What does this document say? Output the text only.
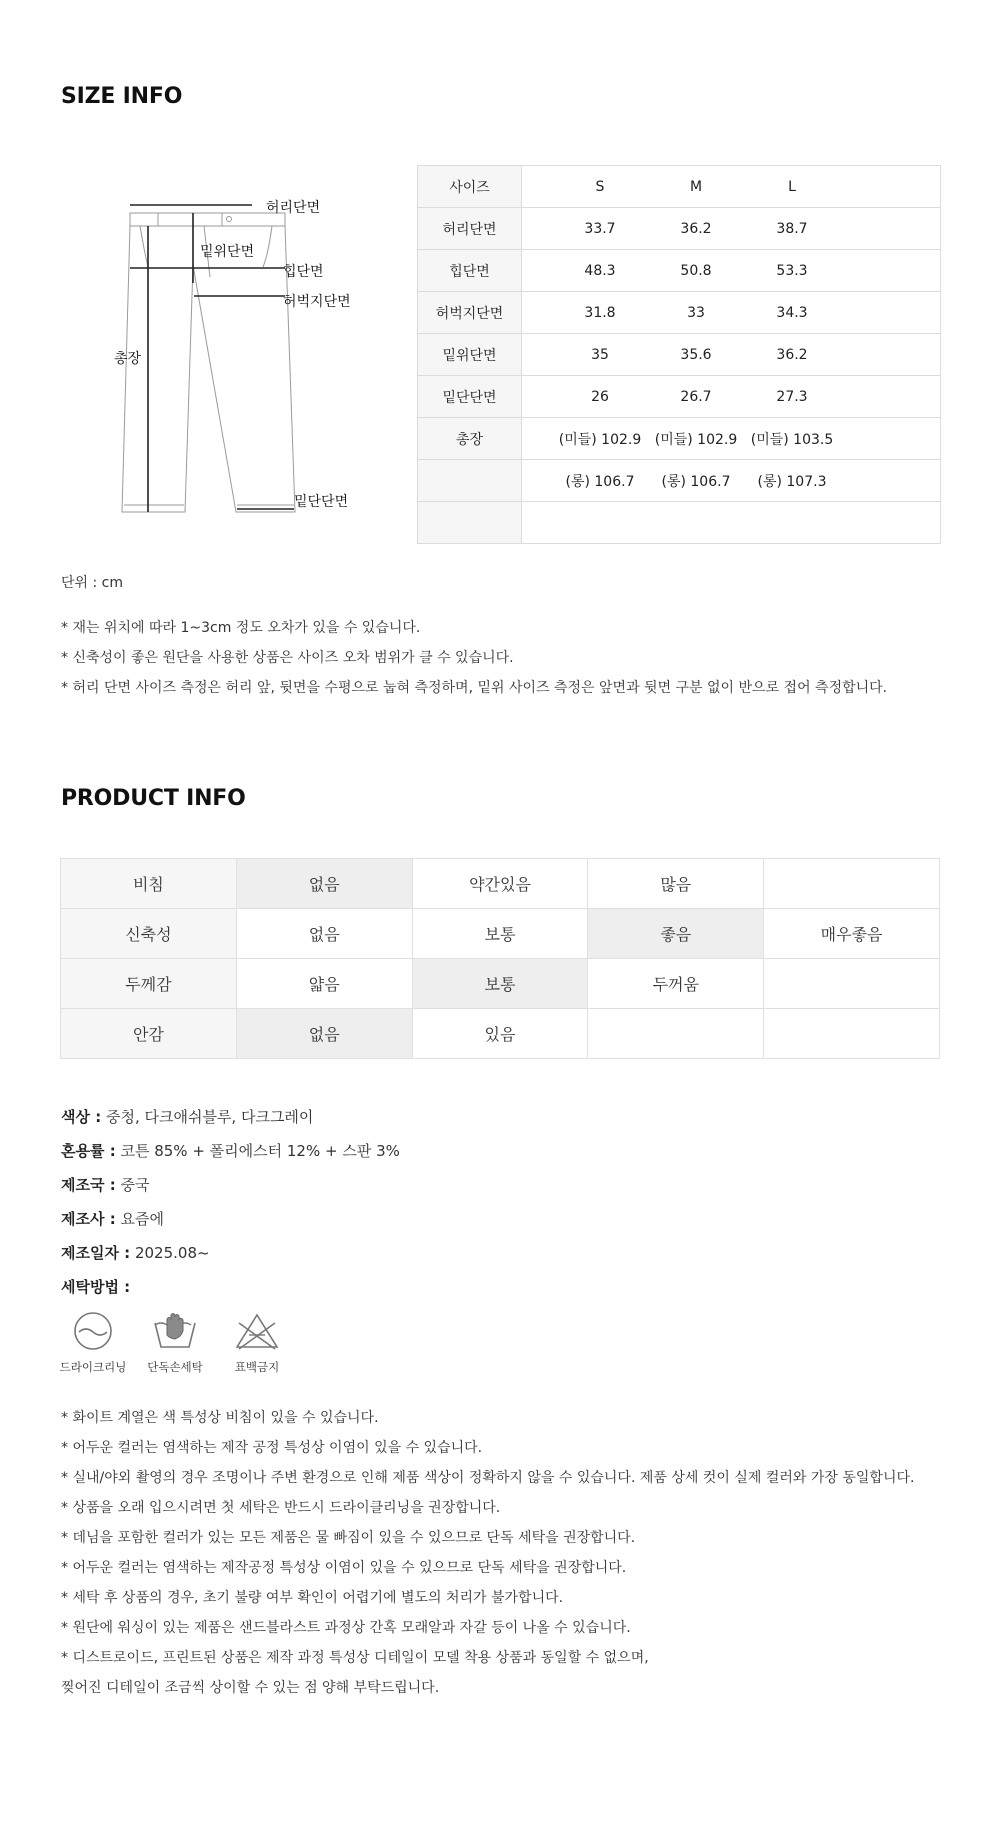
SIZE INFO
허리단면
밑위단면
힙단면
허벅지단면
총장
밑단단면
사이즈	S M L
허리단면	33.7 36.2 38.7
힙단면	48.3 50.8 53.3
허벅지단면	31.8 33 34.3
밑위단면	35 35.6 36.2
밑단단면	26 26.7 27.3
총장	(미들) 102.9 (미들) 102.9 (미들) 103.5
	(롱) 106.7 (롱) 106.7 (롱) 107.3

단위 : cm
* 재는 위치에 따라 1~3cm 정도 오차가 있을 수 있습니다.
* 신축성이 좋은 원단을 사용한 상품은 사이즈 오차 범위가 클 수 있습니다.
* 허리 단면 사이즈 측정은 허리 앞, 뒷면을 수평으로 눕혀 측정하며, 밑위 사이즈 측정은 앞면과 뒷면 구분 없이 반으로 접어 측정합니다.
PRODUCT INFO
비침	없음	약간있음	많음	
신축성	없음	보통	좋음	매우좋음
두께감	얇음	보통	두꺼움	
안감	없음	있음		
색상 : 중청, 다크애쉬블루, 다크그레이
혼용률 : 코튼 85% + 폴리에스터 12% + 스판 3%
제조국 : 중국
제조사 : 요즘에
제조일자 : 2025.08~
세탁방법 :
드라이크리닝	단독손세탁	표백금지
* 화이트 계열은 색 특성상 비침이 있을 수 있습니다.
* 어두운 컬러는 염색하는 제작 공정 특성상 이염이 있을 수 있습니다.
* 실내/야외 촬영의 경우 조명이나 주변 환경으로 인해 제품 색상이 정확하지 않을 수 있습니다. 제품 상세 컷이 실제 컬러와 가장 동일합니다.
* 상품을 오래 입으시려면 첫 세탁은 반드시 드라이클리닝을 권장합니다.
* 데님을 포함한 컬러가 있는 모든 제품은 물 빠짐이 있을 수 있으므로 단독 세탁을 권장합니다.
* 어두운 컬러는 염색하는 제작공정 특성상 이염이 있을 수 있으므로 단독 세탁을 권장합니다.
* 세탁 후 상품의 경우, 초기 불량 여부 확인이 어렵기에 별도의 처리가 불가합니다.
* 원단에 워싱이 있는 제품은 샌드블라스트 과정상 간혹 모래알과 자갈 등이 나올 수 있습니다.
* 디스트로이드, 프린트된 상품은 제작 과정 특성상 디테일이 모델 착용 상품과 동일할 수 없으며,
찢어진 디테일이 조금씩 상이할 수 있는 점 양해 부탁드립니다.
